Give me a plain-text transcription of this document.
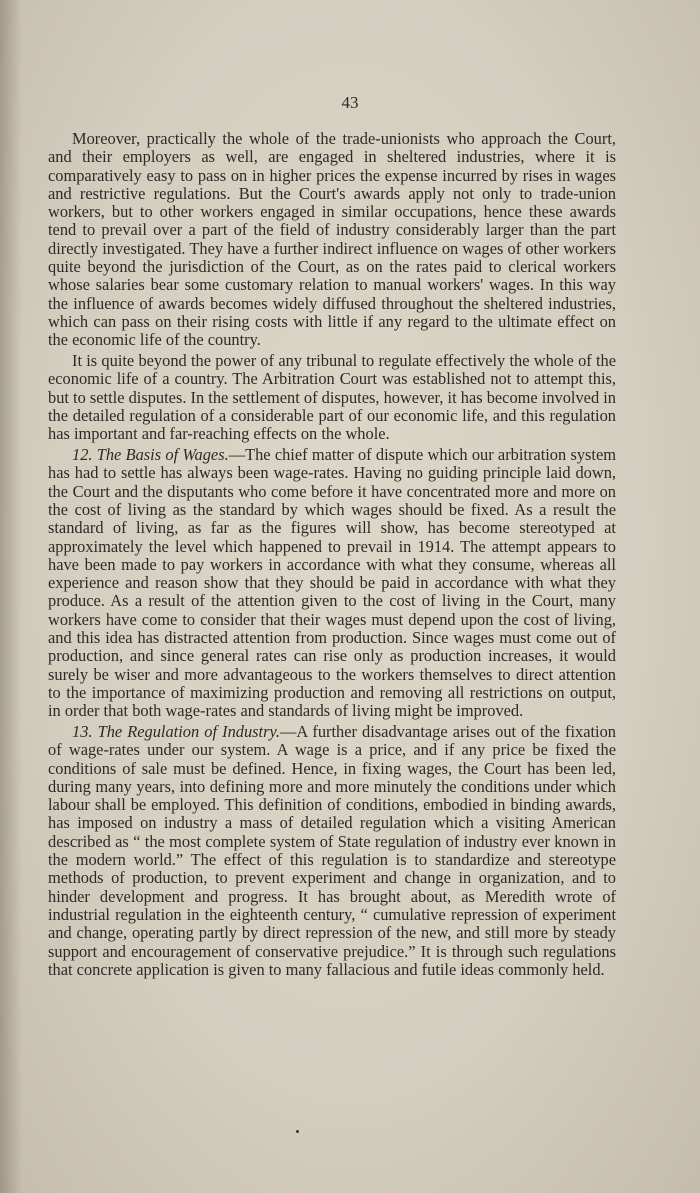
43

Moreover, practically the whole of the trade-unionists who approach the Court, and their employers as well, are engaged in sheltered industries, where it is comparatively easy to pass on in higher prices the expense incurred by rises in wages and restrictive regulations. But the Court's awards apply not only to trade-union workers, but to other workers engaged in similar occupations, hence these awards tend to prevail over a part of the field of industry considerably larger than the part directly investigated. They have a further indirect influence on wages of other workers quite beyond the jurisdiction of the Court, as on the rates paid to clerical workers whose salaries bear some customary relation to manual workers' wages. In this way the influence of awards becomes widely diffused throughout the sheltered industries, which can pass on their rising costs with little if any regard to the ultimate effect on the economic life of the country.

It is quite beyond the power of any tribunal to regulate effectively the whole of the economic life of a country. The Arbitration Court was established not to attempt this, but to settle disputes. In the settlement of disputes, however, it has become involved in the detailed regulation of a considerable part of our economic life, and this regulation has important and far-reaching effects on the whole.

12. The Basis of Wages.—The chief matter of dispute which our arbitration system has had to settle has always been wage-rates. Having no guiding principle laid down, the Court and the disputants who come before it have concentrated more and more on the cost of living as the standard by which wages should be fixed. As a result the standard of living, as far as the figures will show, has become stereotyped at approximately the level which happened to prevail in 1914. The attempt appears to have been made to pay workers in accordance with what they consume, whereas all experience and reason show that they should be paid in accordance with what they produce. As a result of the attention given to the cost of living in the Court, many workers have come to consider that their wages must depend upon the cost of living, and this idea has distracted attention from production. Since wages must come out of production, and since general rates can rise only as production increases, it would surely be wiser and more advantageous to the workers themselves to direct attention to the importance of maximizing production and removing all restrictions on output, in order that both wage-rates and standards of living might be improved.

13. The Regulation of Industry.—A further disadvantage arises out of the fixation of wage-rates under our system. A wage is a price, and if any price be fixed the conditions of sale must be defined. Hence, in fixing wages, the Court has been led, during many years, into defining more and more minutely the conditions under which labour shall be employed. This definition of conditions, embodied in binding awards, has imposed on industry a mass of detailed regulation which a visiting American described as “ the most complete system of State regulation of industry ever known in the modern world.” The effect of this regulation is to standardize and stereotype methods of production, to prevent experiment and change in organization, and to hinder development and progress. It has brought about, as Meredith wrote of industrial regulation in the eighteenth century, “ cumulative repression of experiment and change, operating partly by direct repression of the new, and still more by steady support and encouragement of conservative prejudice.” It is through such regulations that concrete application is given to many fallacious and futile ideas commonly held.
